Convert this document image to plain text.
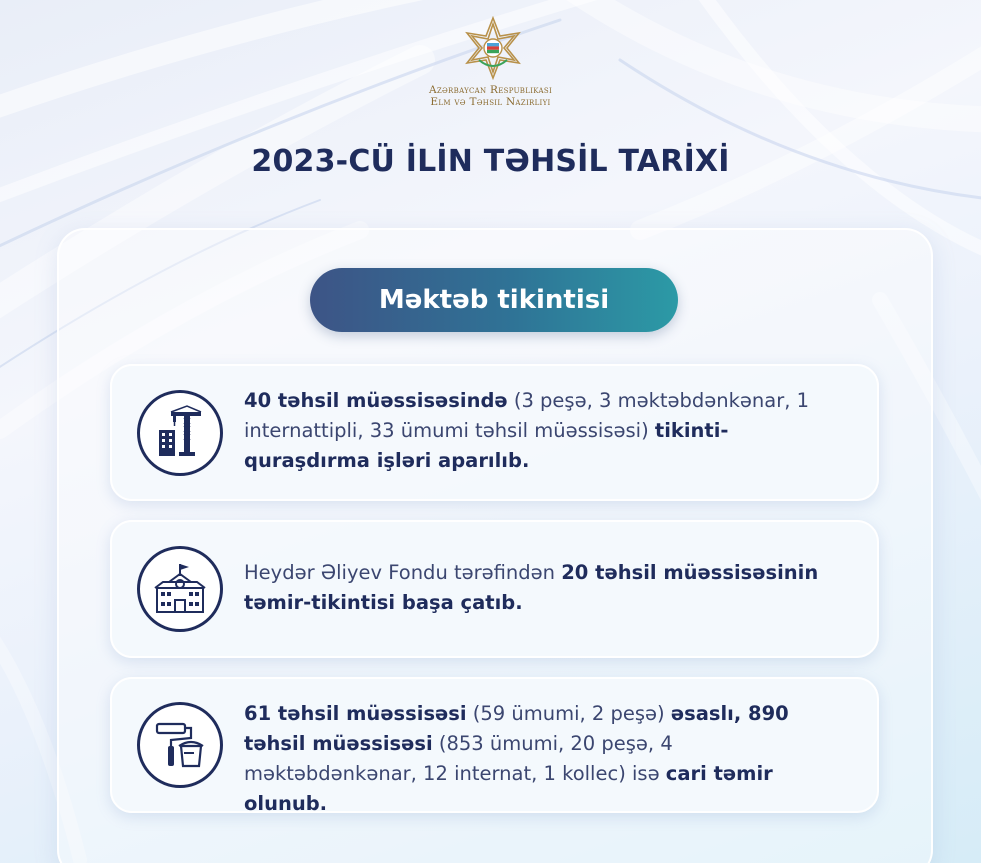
Azərbaycan Respublikası
Elm və Təhsil Nazirliyi
2023-CÜ İLİN TƏHSİL TARİXİ
Məktəb tikintisi
40 təhsil müəssisəsində (3 peşə, 3 məktəbdənkənar, 1 internattipli, 33 ümumi təhsil müəssisəsi) tikinti-quraşdırma işləri aparılıb.
Heydər Əliyev Fondu tərəfindən 20 təhsil müəssisəsinin təmir-tikintisi başa çatıb.
61 təhsil müəssisəsi (59 ümumi, 2 peşə) əsaslı, 890 təhsil müəssisəsi (853 ümumi, 20 peşə, 4 məktəbdənkənar, 12 internat, 1 kollec) isə cari təmir olunub.
